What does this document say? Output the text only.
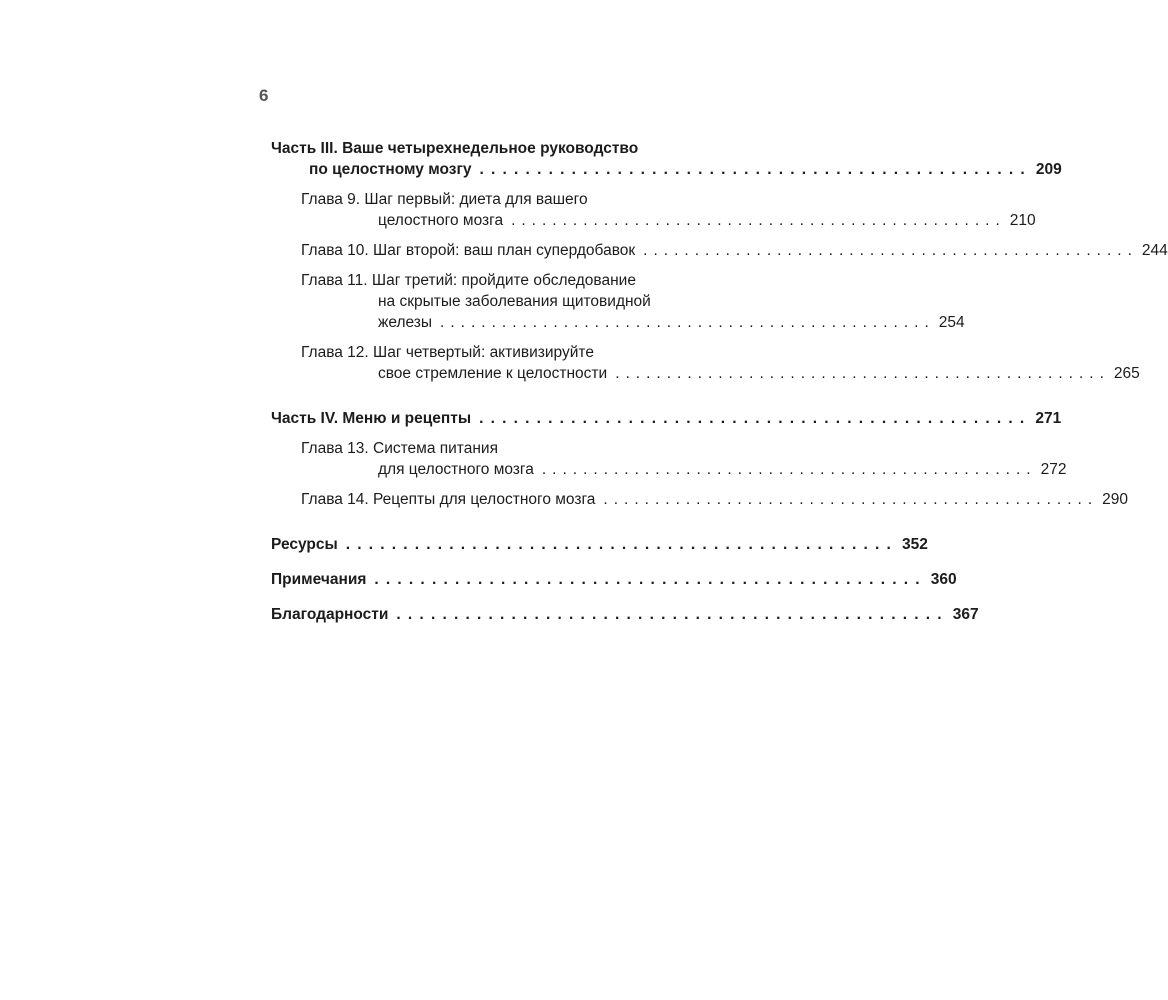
6
Часть III. Ваше четырехнедельное руководство
по целостному мозгу ................................................ 209
Глава 9. Шаг первый: диета для вашего
целостного мозга ................................................ 210
Глава 10. Шаг второй: ваш план супердобавок ................................................ 244
Глава 11. Шаг третий: пройдите обследование
на скрытые заболевания щитовидной
железы ................................................ 254
Глава 12. Шаг четвертый: активизируйте
свое стремление к целостности ................................................ 265
Часть IV. Меню и рецепты ................................................ 271
Глава 13. Система питания
для целостного мозга ................................................ 272
Глава 14. Рецепты для целостного мозга ................................................ 290
Ресурсы ................................................ 352
Примечания ................................................ 360
Благодарности ................................................ 367
